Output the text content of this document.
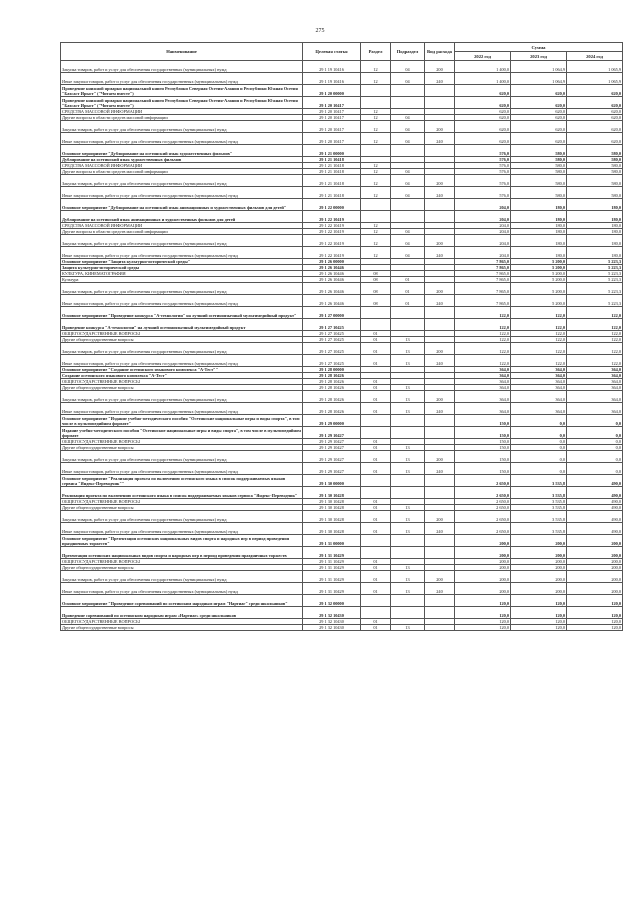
275
Наименование	Целевая статья	Раздел	Подраздел	Вид расхода	Сумма		
					2022 год	2023 год	2024 год
Закупка товаров, работ и услуг для обеспечения государственных (муниципальных) нужд	29 1 19 10416	12	04	200	1 400,0	1 064,9	1 065,9
Иные закупки товаров, работ и услуг для обеспечения государственных (муниципальных) нужд	29 1 19 10416	12	04	240	1 400,0	1 064,9	1 065,9
Проведение книжной ярмарки национальной книги Республики Северная Осетия-Алания и Республики Южная Осетия "Бахсаст Ирыст" ("Читаем вместе")	29 1 20 00000				620,0	620,0	620,0
Проведение книжной ярмарки национальной книги Республики Северная Осетия-Алания и Республики Южная Осетия "Бахсаст Ирыст" ("Читаем вместе")	29 1 20 10417				620,0	620,0	620,0
СРЕДСТВА МАССОВОЙ ИНФОРМАЦИИ	29 1 20 10417	12			620,0	620,0	620,0
Другие вопросы в области средств массовой информации	29 1 20 10417	12	04		620,0	620,0	620,0
Закупка товаров, работ и услуг для обеспечения государственных (муниципальных) нужд	29 1 20 10417	12	04	200	620,0	620,0	620,0
Иные закупки товаров, работ и услуг для обеспечения государственных (муниципальных) нужд	29 1 20 10417	12	04	240	620,0	620,0	620,0
Основное мероприятие "Дублирование на осетинский язык художественных фильмов"	29 1 21 00000				576,0	580,0	580,0
Дублирование на осетинский язык художественных фильмов	29 1 21 10418				576,0	580,0	580,0
СРЕДСТВА МАССОВОЙ ИНФОРМАЦИИ	29 1 21 10418	12			576,0	580,0	580,0
Другие вопросы в области средств массовой информации	29 1 21 10418	12	04		576,0	580,0	580,0
Закупка товаров, работ и услуг для обеспечения государственных (муниципальных) нужд	29 1 21 10418	12	04	200	576,0	580,0	580,0
Иные закупки товаров, работ и услуг для обеспечения государственных (муниципальных) нужд	29 1 21 10418	12	04	240	576,0	580,0	580,0
Основное мероприятие "Дублирование на осетинский язык анимационных и художественных фильмов для детей"	29 1 22 00000				204,0	180,0	180,0
Дублирование на осетинский язык анимационных и художественных фильмов для детей	29 1 22 10419				204,0	180,0	180,0
СРЕДСТВА МАССОВОЙ ИНФОРМАЦИИ	29 1 22 10419	12			204,0	180,0	180,0
Другие вопросы в области средств массовой информации	29 1 22 10419	12	04		204,0	180,0	180,0
Закупка товаров, работ и услуг для обеспечения государственных (муниципальных) нужд	29 1 22 10419	12	04	200	204,0	180,0	180,0
Иные закупки товаров, работ и услуг для обеспечения государственных (муниципальных) нужд	29 1 22 10419	12	04	240	204,0	180,0	180,0
Основное мероприятие "Защита культурно-исторической среды"	29 1 26 00000				7 865,0	5 200,0	5 223,3
Защита культурно-исторической среды	29 1 26 10446				7 865,0	5 200,0	5 223,3
КУЛЬТУРА, КИНЕМАТОГРАФИЯ	29 1 26 10446	08			7 865,0	5 200,0	5 223,3
Культура	29 1 26 10446	08	01		7 865,0	5 200,0	5 223,3
Закупка товаров, работ и услуг для обеспечения государственных (муниципальных) нужд	29 1 26 10446	08	01	200	7 865,0	5 200,0	5 223,3
Иные закупки товаров, работ и услуг для обеспечения государственных (муниципальных) нужд	29 1 26 10446	08	01	240	7 865,0	5 200,0	5 223,3
Основное мероприятие "Проведение конкурса "А-технологии" на лучший осетиноязычный мультимедийный продукт"	29 1 27 00000				122,0	122,0	122,0
Проведение конкурса "А-технологии" на лучший осетиноязычный мультимедийный продукт	29 1 27 10425				122,0	122,0	122,0
ОБЩЕГОСУДАРСТВЕННЫЕ ВОПРОСЫ	29 1 27 10425	01			122,0	122,0	122,0
Другие общегосударственные вопросы	29 1 27 10425	01	13		122,0	122,0	122,0
Закупка товаров, работ и услуг для обеспечения государственных (муниципальных) нужд	29 1 27 10425	01	13	200	122,0	122,0	122,0
Иные закупки товаров, работ и услуг для обеспечения государственных (муниципальных) нужд	29 1 27 10425	01	13	240	122,0	122,0	122,0
Основное мероприятие "Создание осетинского языкового комплекса "А-Тест""	29 1 28 00000				364,0	364,0	364,0
Создание осетинского языкового комплекса "А-Тест"	29 1 28 10426				364,0	364,0	364,0
ОБЩЕГОСУДАРСТВЕННЫЕ ВОПРОСЫ	29 1 28 10426	01			364,0	364,0	364,0
Другие общегосударственные вопросы	29 1 28 10426	01	13		364,0	364,0	364,0
Закупка товаров, работ и услуг для обеспечения государственных (муниципальных) нужд	29 1 28 10426	01	13	200	364,0	364,0	364,0
Иные закупки товаров, работ и услуг для обеспечения государственных (муниципальных) нужд	29 1 28 10426	01	13	240	364,0	364,0	364,0
Основное мероприятие "Издание учебно-методического пособия "Осетинские национальные игры и виды спорта", в том числе в мультимедийном формате"	29 1 29 00000				150,0	0,0	0,0
Издание учебно-методического пособия "Осетинские национальные игры и виды спорта", в том числе в мультимедийном формате	29 1 29 10427				150,0	0,0	0,0
ОБЩЕГОСУДАРСТВЕННЫЕ ВОПРОСЫ	29 1 29 10427	01			150,0	0,0	0,0
Другие общегосударственные вопросы	29 1 29 10427	01	13		150,0	0,0	0,0
Закупка товаров, работ и услуг для обеспечения государственных (муниципальных) нужд	29 1 29 10427	01	13	200	150,0	0,0	0,0
Иные закупки товаров, работ и услуг для обеспечения государственных (муниципальных) нужд	29 1 29 10427	01	13	240	150,0	0,0	0,0
Основное мероприятие "Реализация проекта по включению осетинского языка в список поддерживаемых языков сервиса "Яндекс-Переводчик""	29 1 30 00000				2 650,0	3 535,8	490,0
Реализация проекта по включению осетинского языка в список поддерживаемых языков сервиса "Яндекс-Переводчик"	29 1 30 10428				2 650,0	3 535,8	490,0
ОБЩЕГОСУДАРСТВЕННЫЕ ВОПРОСЫ	29 1 30 10428	01			2 650,0	3 535,8	490,0
Другие общегосударственные вопросы	29 1 30 10428	01	13		2 650,0	3 535,8	490,0
Закупка товаров, работ и услуг для обеспечения государственных (муниципальных) нужд	29 1 30 10428	01	13	200	2 650,0	3 535,8	490,0
Иные закупки товаров, работ и услуг для обеспечения государственных (муниципальных) нужд	29 1 30 10428	01	13	240	2 650,0	3 535,8	490,0
Основное мероприятие "Презентация осетинских национальных видов спорта и народных игр в период проведения праздничных торжеств"	29 1 31 00000				200,0	200,0	200,0
Презентация осетинских национальных видов спорта и народных игр в период проведения праздничных торжеств	29 1 31 10429				200,0	200,0	200,0
ОБЩЕГОСУДАРСТВЕННЫЕ ВОПРОСЫ	29 1 31 10429	01			200,0	200,0	200,0
Другие общегосударственные вопросы	29 1 31 10429	01	13		200,0	200,0	200,0
Закупка товаров, работ и услуг для обеспечения государственных (муниципальных) нужд	29 1 31 10429	01	13	200	200,0	200,0	200,0
Иные закупки товаров, работ и услуг для обеспечения государственных (муниципальных) нужд	29 1 31 10429	01	13	240	200,0	200,0	200,0
Основное мероприятие "Проведение соревнований по осетинским народным играм "Нартиаг" среди школьников"	29 1 32 00000				120,0	120,0	120,0
Проведение соревнований по осетинским народным играм «Нартиаг» среди школьников	29 1 32 10430				120,0	120,0	120,0
ОБЩЕГОСУДАРСТВЕННЫЕ ВОПРОСЫ	29 1 32 10430	01			120,0	120,0	120,0
Другие общегосударственные вопросы	29 1 32 10430	01	13		120,0	120,0	120,0
